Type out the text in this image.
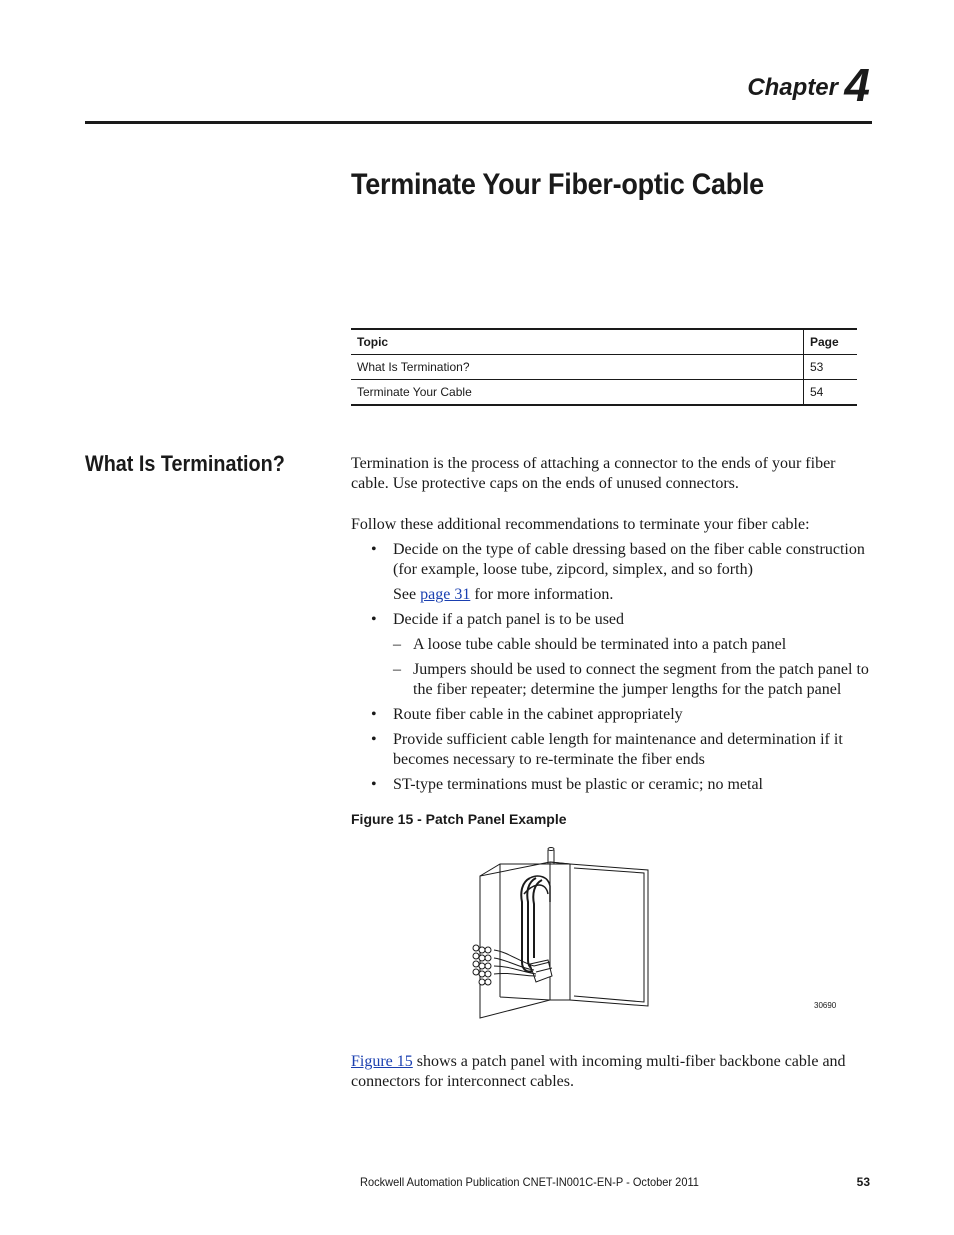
Chapter 4
Terminate Your Fiber-optic Cable
Topic	Page
What Is Termination?	53
Terminate Your Cable	54
What Is Termination?	Termination is the process of attaching a connector to the ends of your fiber cable. Use protective caps on the ends of unused connectors.
Follow these additional recommendations to terminate your fiber cable:
• Decide on the type of cable dressing based on the fiber cable construction (for example, loose tube, zipcord, simplex, and so forth)
See page 31 for more information.
• Decide if a patch panel is to be used
– A loose tube cable should be terminated into a patch panel
– Jumpers should be used to connect the segment from the patch panel to the fiber repeater; determine the jumper lengths for the patch panel
• Route fiber cable in the cabinet appropriately
• Provide sufficient cable length for maintenance and determination if it becomes necessary to re-terminate the fiber ends
• ST-type terminations must be plastic or ceramic; no metal
Figure 15 - Patch Panel Example
30690
Figure 15 shows a patch panel with incoming multi-fiber backbone cable and connectors for interconnect cables.
Rockwell Automation Publication CNET-IN001C-EN-P - October 2011	53
